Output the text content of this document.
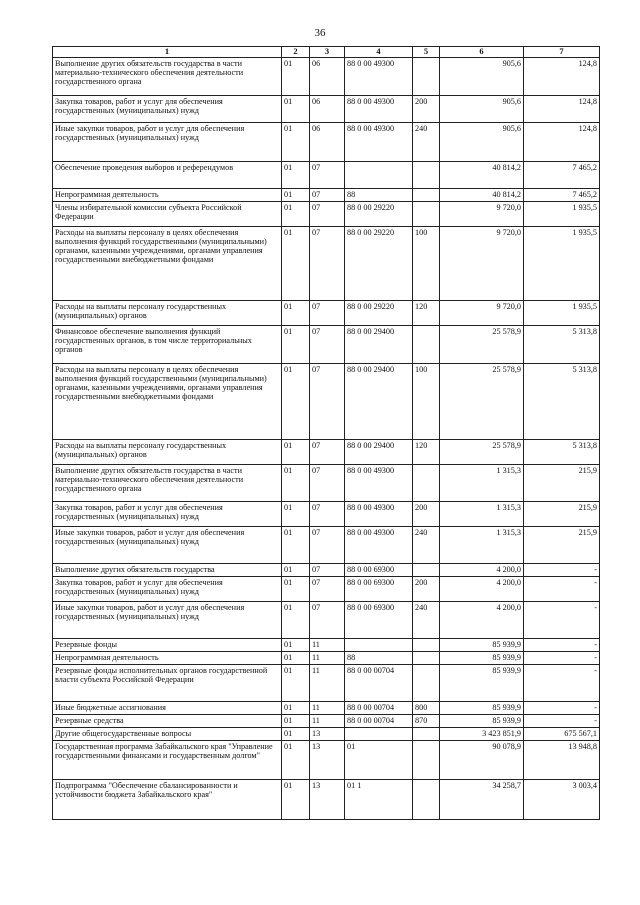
36
1	2	3	4	5	6	7
Выполнение других обязательств государства в части материально-технического обеспечения деятельности государственного органа	01	06	88 0 00 49300		905,6	124,8
Закупка товаров, работ и услуг для обеспечения государственных (муниципальных) нужд	01	06	88 0 00 49300	200	905,6	124,8
Иные закупки товаров, работ и услуг для обеспечения государственных (муниципальных) нужд	01	06	88 0 00 49300	240	905,6	124,8
Обеспечение проведения выборов и референдумов	01	07			40 814,2	7 465,2
Непрограммная деятельность	01	07	88		40 814,2	7 465,2
Члены избирательной комиссии субъекта Российской Федерации	01	07	88 0 00 29220		9 720,0	1 935,5
Расходы на выплаты персоналу в целях обеспечения выполнения функций государственными (муниципальными) органами, казенными учреждениями, органами управления государственными внебюджетными фондами	01	07	88 0 00 29220	100	9 720,0	1 935,5
Расходы на выплаты персоналу государственных (муниципальных) органов	01	07	88 0 00 29220	120	9 720,0	1 935,5
Финансовое обеспечение выполнения функций государственных органов, в том числе территориальных органов	01	07	88 0 00 29400		25 578,9	5 313,8
Расходы на выплаты персоналу в целях обеспечения выполнения функций государственными (муниципальными) органами, казенными учреждениями, органами управления государственными внебюджетными фондами	01	07	88 0 00 29400	100	25 578,9	5 313,8
Расходы на выплаты персоналу государственных (муниципальных) органов	01	07	88 0 00 29400	120	25 578,9	5 313,8
Выполнение других обязательств государства в части материально-технического обеспечения деятельности государственного органа	01	07	88 0 00 49300		1 315,3	215,9
Закупка товаров, работ и услуг для обеспечения государственных (муниципальных) нужд	01	07	88 0 00 49300	200	1 315,3	215,9
Иные закупки товаров, работ и услуг для обеспечения государственных (муниципальных) нужд	01	07	88 0 00 49300	240	1 315,3	215,9
Выполнение других обязательств государства	01	07	88 0 00 69300		4 200,0	-
Закупка товаров, работ и услуг для обеспечения государственных (муниципальных) нужд	01	07	88 0 00 69300	200	4 200,0	-
Иные закупки товаров, работ и услуг для обеспечения государственных (муниципальных) нужд	01	07	88 0 00 69300	240	4 200,0	-
Резервные фонды	01	11			85 939,9	-
Непрограммная деятельность	01	11	88		85 939,9	-
Резервные фонды исполнительных органов государственной власти субъекта Российской Федерации	01	11	88 0 00 00704		85 939,9	-
Иные бюджетные ассигнования	01	11	88 0 00 00704	800	85 939,9	-
Резервные средства	01	11	88 0 00 00704	870	85 939,9	-
Другие общегосударственные вопросы	01	13			3 423 851,9	675 567,1
Государственная программа Забайкальского края "Управление государственными финансами и государственным долгом"	01	13	01		90 078,9	13 948,8
Подпрограмма "Обеспечение сбалансированности и устойчивости бюджета Забайкальского края"	01	13	01 1		34 258,7	3 003,4
